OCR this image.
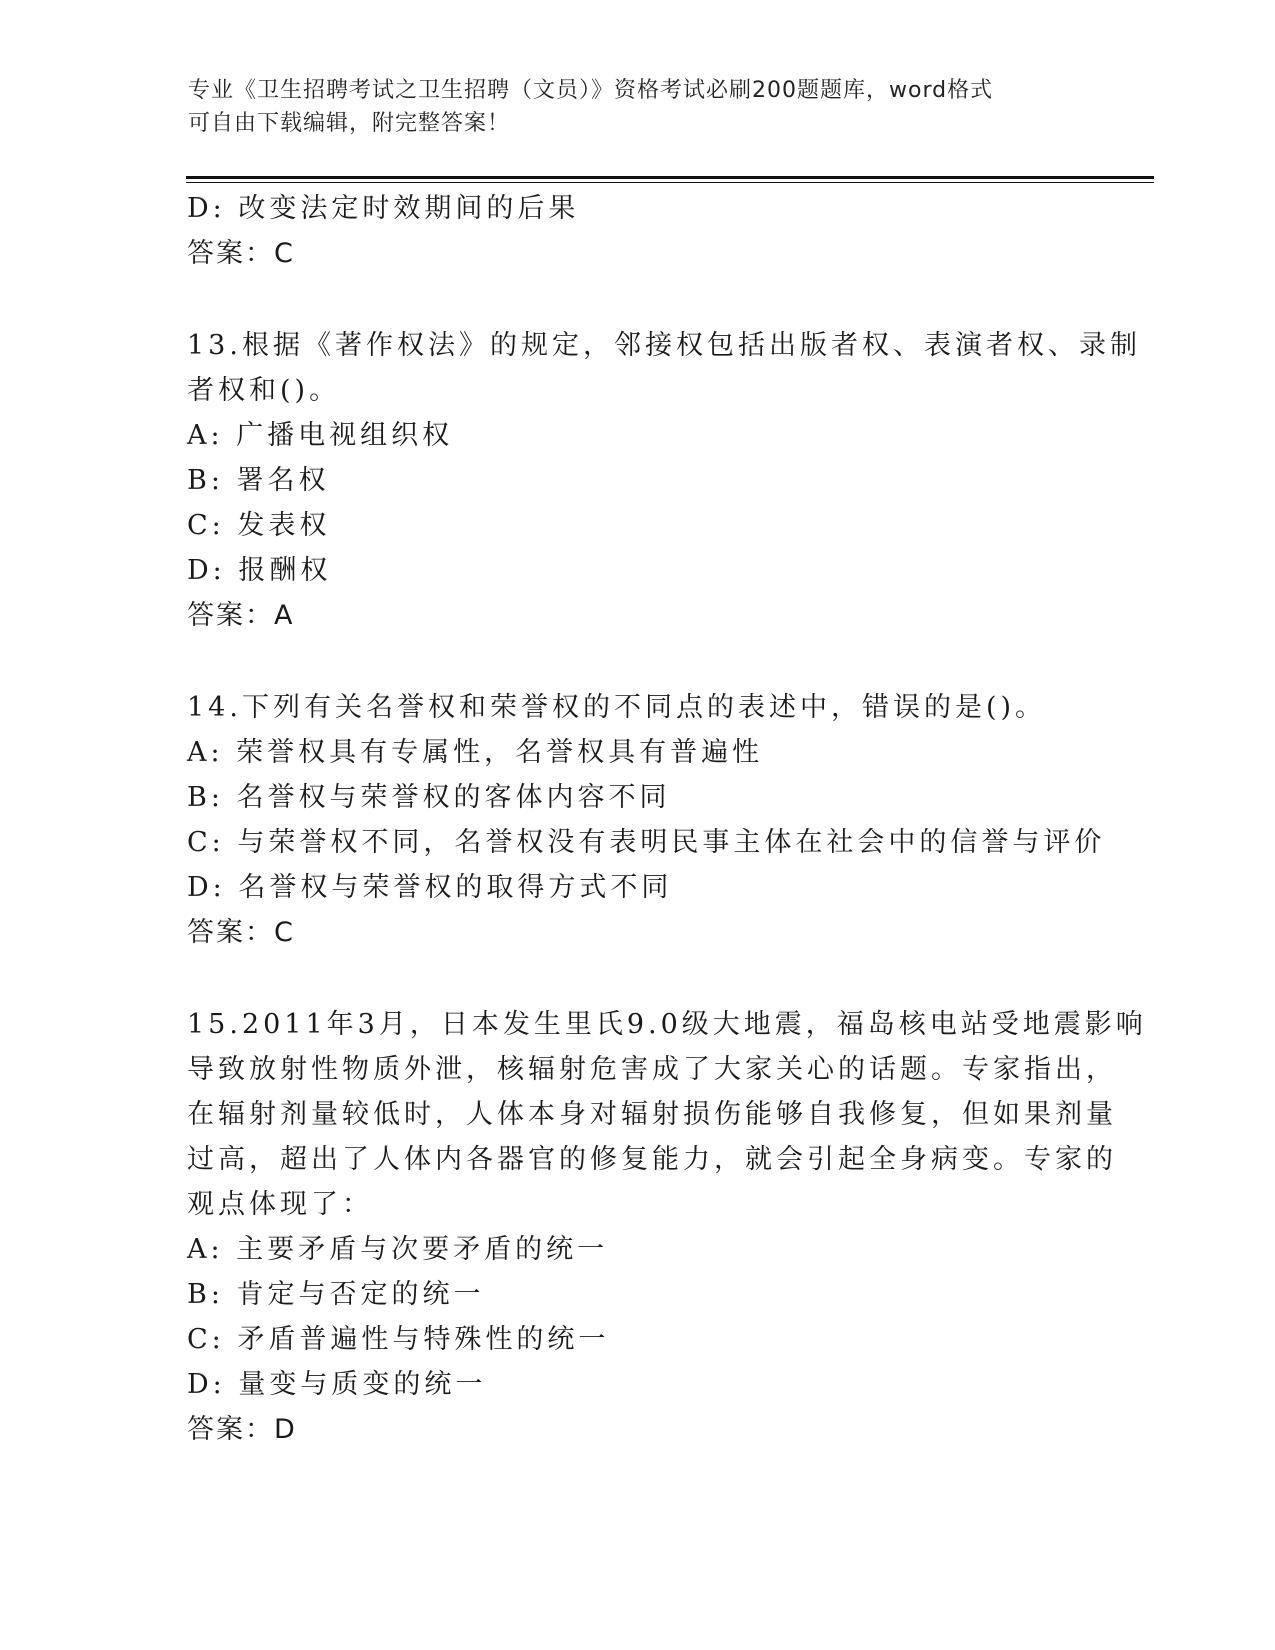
专业《卫生招聘考试之卫生招聘（文员）》资格考试必刷200题题库，word格式
可自由下载编辑，附完整答案！
D: 改变法定时效期间的后果
答案：C
13.根据《著作权法》的规定，邻接权包括出版者权、表演者权、录制
者权和()。
A: 广播电视组织权
B: 署名权
C: 发表权
D: 报酬权
答案：A
14.下列有关名誉权和荣誉权的不同点的表述中，错误的是()。
A: 荣誉权具有专属性，名誉权具有普遍性
B: 名誉权与荣誉权的客体内容不同
C: 与荣誉权不同，名誉权没有表明民事主体在社会中的信誉与评价
D: 名誉权与荣誉权的取得方式不同
答案：C
15.2011年3月，日本发生里氏9.0级大地震，福岛核电站受地震影响
导致放射性物质外泄，核辐射危害成了大家关心的话题。专家指出，
在辐射剂量较低时，人体本身对辐射损伤能够自我修复，但如果剂量
过高，超出了人体内各器官的修复能力，就会引起全身病变。专家的
观点体现了：
A: 主要矛盾与次要矛盾的统一
B: 肯定与否定的统一
C: 矛盾普遍性与特殊性的统一
D: 量变与质变的统一
答案：D
